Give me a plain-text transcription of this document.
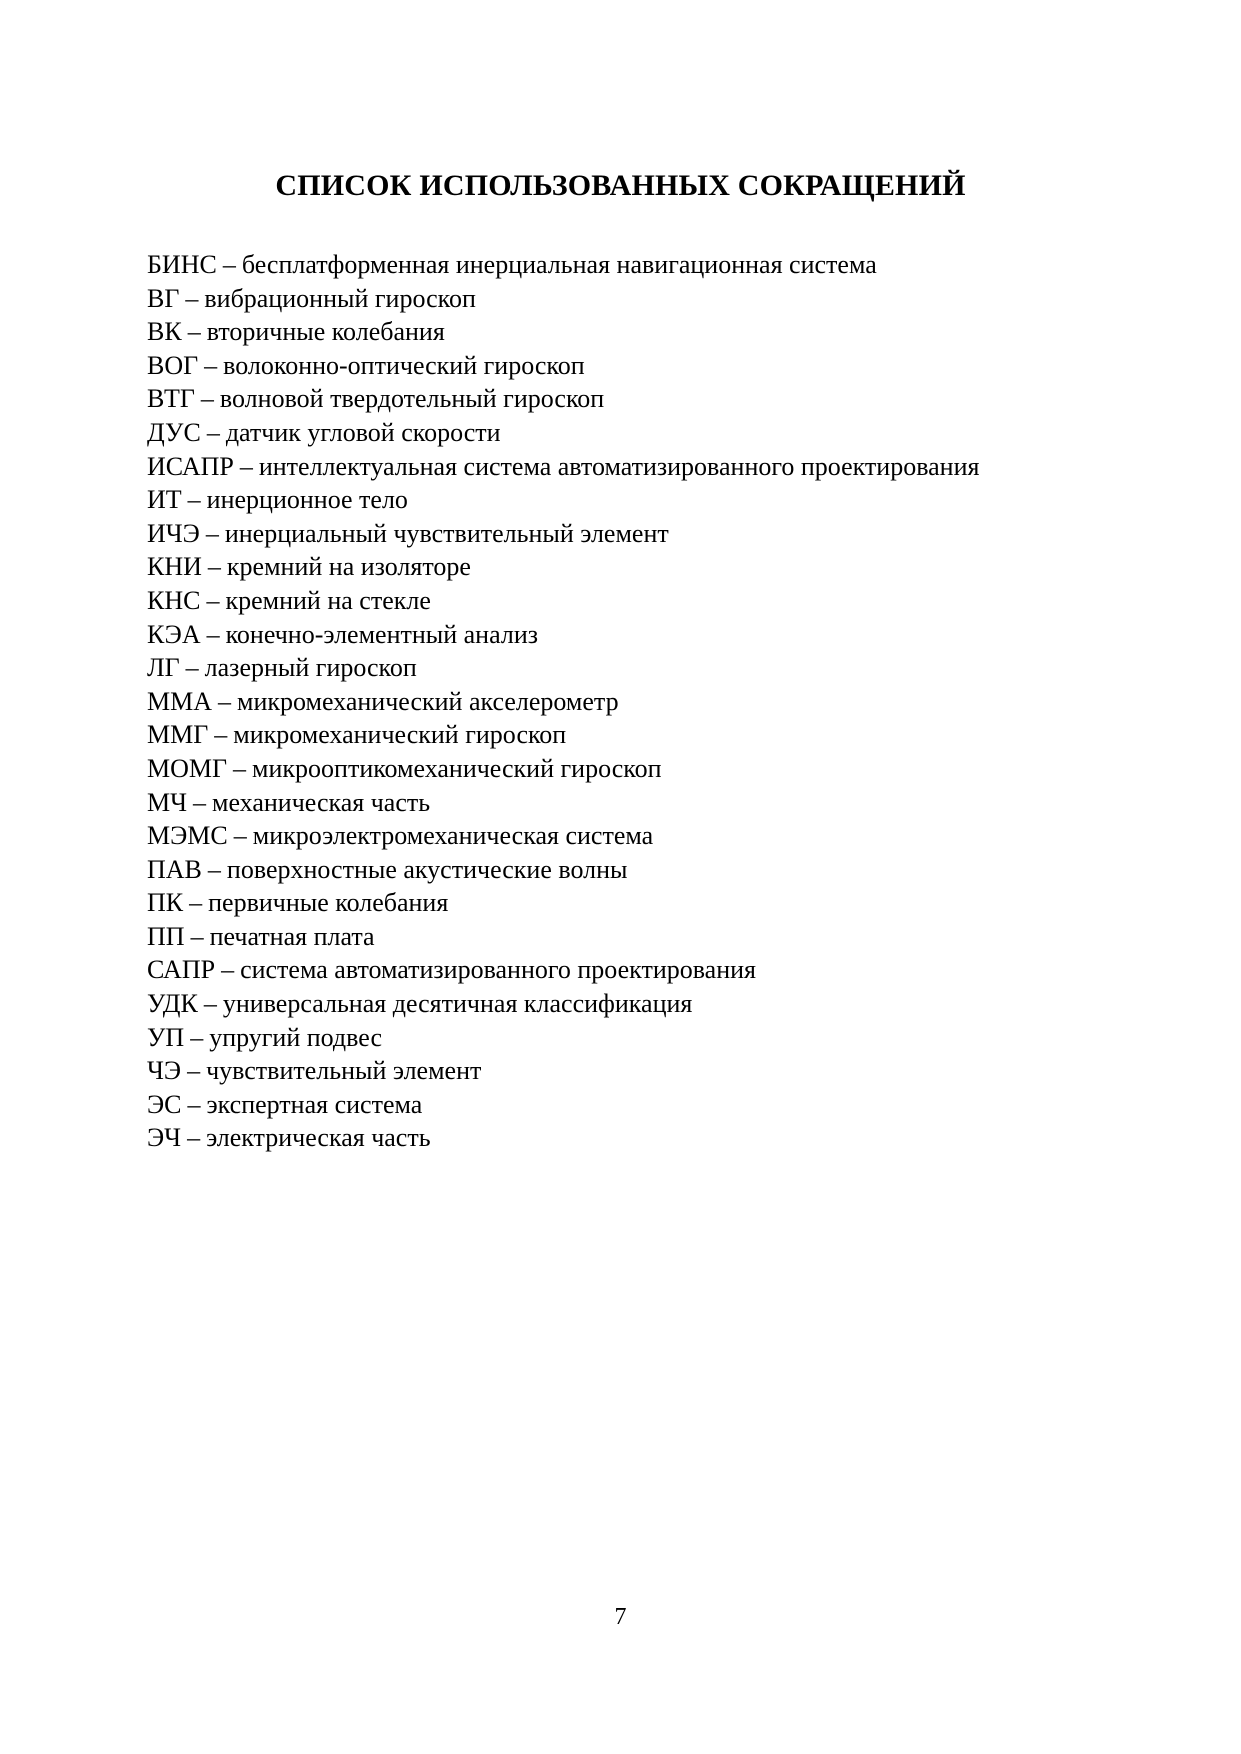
СПИСОК ИСПОЛЬЗОВАННЫХ СОКРАЩЕНИЙ
БИНС – бесплатформенная инерциальная навигационная система
ВГ – вибрационный гироскоп
ВК – вторичные колебания
ВОГ – волоконно-оптический гироскоп
ВТГ – волновой твердотельный гироскоп
ДУС – датчик угловой скорости
ИСАПР – интеллектуальная система автоматизированного проектирования
ИТ – инерционное тело
ИЧЭ – инерциальный чувствительный элемент
КНИ – кремний на изоляторе
КНС – кремний на стекле
КЭА – конечно-элементный анализ
ЛГ – лазерный гироскоп
ММА – микромеханический акселерометр
ММГ – микромеханический гироскоп
МОМГ – микрооптикомеханический гироскоп
МЧ – механическая часть
МЭМС – микроэлектромеханическая система
ПАВ – поверхностные акустические волны
ПК – первичные колебания
ПП – печатная плата
САПР – система автоматизированного проектирования
УДК – универсальная десятичная классификация
УП – упругий подвес
ЧЭ – чувствительный элемент
ЭС – экспертная система
ЭЧ – электрическая часть
7
